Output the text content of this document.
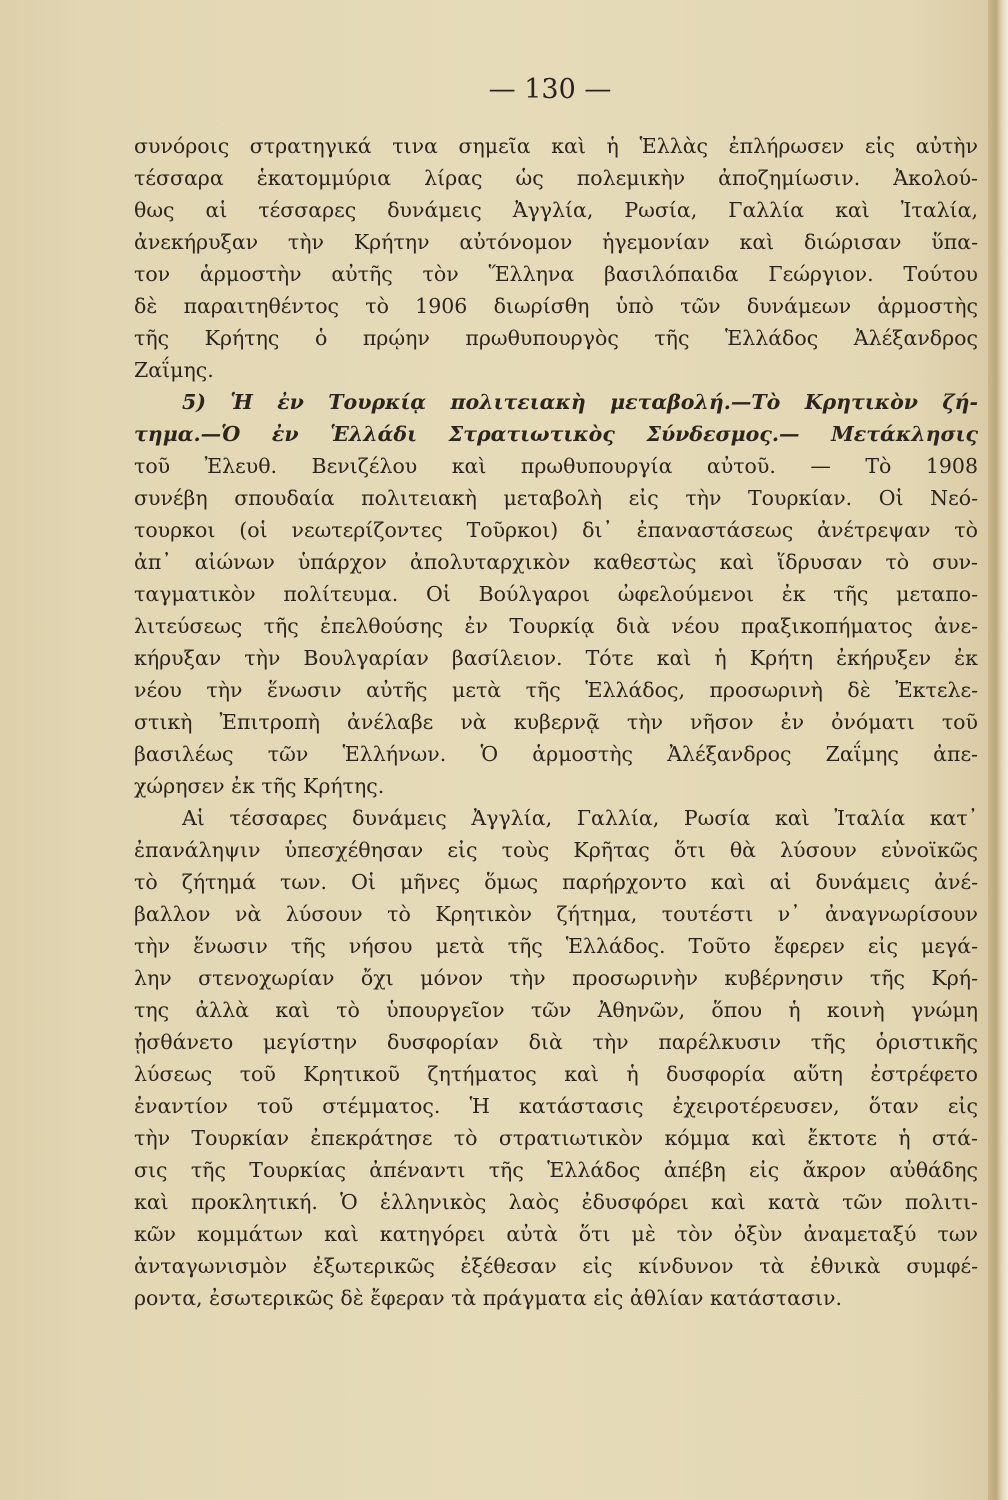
— 130 —
συνόροις στρατηγικά τινα σημεῖα καὶ ἡ Ἑλλὰς ἐπλήρωσεν εἰς αὐτὴν
τέσσαρα ἑκατομμύρια λίρας ὡς πολεμικὴν ἀποζημίωσιν. Ἀκολού-
θως αἱ τέσσαρες δυνάμεις Ἀγγλία, Ρωσία, Γαλλία καὶ Ἰταλία,
ἀνεκήρυξαν τὴν Κρήτην αὐτόνομον ἡγεμονίαν καὶ διώρισαν ὕπα-
τον ἁρμοστὴν αὐτῆς τὸν Ἕλληνα βασιλόπαιδα Γεώργιον. Τούτου
δὲ παραιτηθέντος τὸ 1906 διωρίσθη ὑπὸ τῶν δυνάμεων ἁρμοστὴς
τῆς Κρήτης ὁ πρῴην πρωθυπουργὸς τῆς Ἑλλάδος Ἀλέξανδρος
Ζαΐμης.
5) Ἡ ἐν Τουρκίᾳ πολιτειακὴ μεταβολή.—Τὸ Κρητικὸν ζή-
τημα.—Ὁ ἐν Ἑλλάδι Στρατιωτικὸς Σύνδεσμος.— Μετάκλησις
τοῦ Ἐλευθ. Βενιζέλου καὶ πρωθυπουργία αὐτοῦ. — Τὸ 1908
συνέβη σπουδαία πολιτειακὴ μεταβολὴ εἰς τὴν Τουρκίαν. Οἱ Νεό-
τουρκοι (οἱ νεωτερίζοντες Τοῦρκοι) δι᾽ ἐπαναστάσεως ἀνέτρεψαν τὸ
ἀπ᾽ αἰώνων ὑπάρχον ἀπολυταρχικὸν καθεστὼς καὶ ἵδρυσαν τὸ συν-
ταγματικὸν πολίτευμα. Οἱ Βούλγαροι ὠφελούμενοι ἐκ τῆς μεταπο-
λιτεύσεως τῆς ἐπελθούσης ἐν Τουρκίᾳ διὰ νέου πραξικοπήματος ἀνε-
κήρυξαν τὴν Βουλγαρίαν βασίλειον. Τότε καὶ ἡ Κρήτη ἐκήρυξεν ἐκ
νέου τὴν ἕνωσιν αὐτῆς μετὰ τῆς Ἑλλάδος, προσωρινὴ δὲ Ἐκτελε-
στικὴ Ἐπιτροπὴ ἀνέλαβε νὰ κυβερνᾷ τὴν νῆσον ἐν ὀνόματι τοῦ
βασιλέως τῶν Ἑλλήνων. Ὁ ἁρμοστὴς Ἀλέξανδρος Ζαΐμης ἀπε-
χώρησεν ἐκ τῆς Κρήτης.
Αἱ τέσσαρες δυνάμεις Ἀγγλία, Γαλλία, Ρωσία καὶ Ἰταλία κατ᾽
ἐπανάληψιν ὑπεσχέθησαν εἰς τοὺς Κρῆτας ὅτι θὰ λύσουν εὐνοϊκῶς
τὸ ζήτημά των. Οἱ μῆνες ὅμως παρήρχοντο καὶ αἱ δυνάμεις ἀνέ-
βαλλον νὰ λύσουν τὸ Κρητικὸν ζήτημα, τουτέστι ν᾽ ἀναγνωρίσουν
τὴν ἕνωσιν τῆς νήσου μετὰ τῆς Ἑλλάδος. Τοῦτο ἔφερεν εἰς μεγά-
λην στενοχωρίαν ὄχι μόνον τὴν προσωρινὴν κυβέρνησιν τῆς Κρή-
της ἀλλὰ καὶ τὸ ὑπουργεῖον τῶν Ἀθηνῶν, ὅπου ἡ κοινὴ γνώμη
ᾐσθάνετο μεγίστην δυσφορίαν διὰ τὴν παρέλκυσιν τῆς ὁριστικῆς
λύσεως τοῦ Κρητικοῦ ζητήματος καὶ ἡ δυσφορία αὕτη ἐστρέφετο
ἐναντίον τοῦ στέμματος. Ἡ κατάστασις ἐχειροτέρευσεν, ὅταν εἰς
τὴν Τουρκίαν ἐπεκράτησε τὸ στρατιωτικὸν κόμμα καὶ ἔκτοτε ἡ στά-
σις τῆς Τουρκίας ἀπέναντι τῆς Ἑλλάδος ἀπέβη εἰς ἄκρον αὐθάδης
καὶ προκλητική. Ὁ ἑλληνικὸς λαὸς ἐδυσφόρει καὶ κατὰ τῶν πολιτι-
κῶν κομμάτων καὶ κατηγόρει αὐτὰ ὅτι μὲ τὸν ὀξὺν ἀναμεταξύ των
ἀνταγωνισμὸν ἐξωτερικῶς ἐξέθεσαν εἰς κίνδυνον τὰ ἐθνικὰ συμφέ-
ροντα, ἐσωτερικῶς δὲ ἔφεραν τὰ πράγματα εἰς ἀθλίαν κατάστασιν.
